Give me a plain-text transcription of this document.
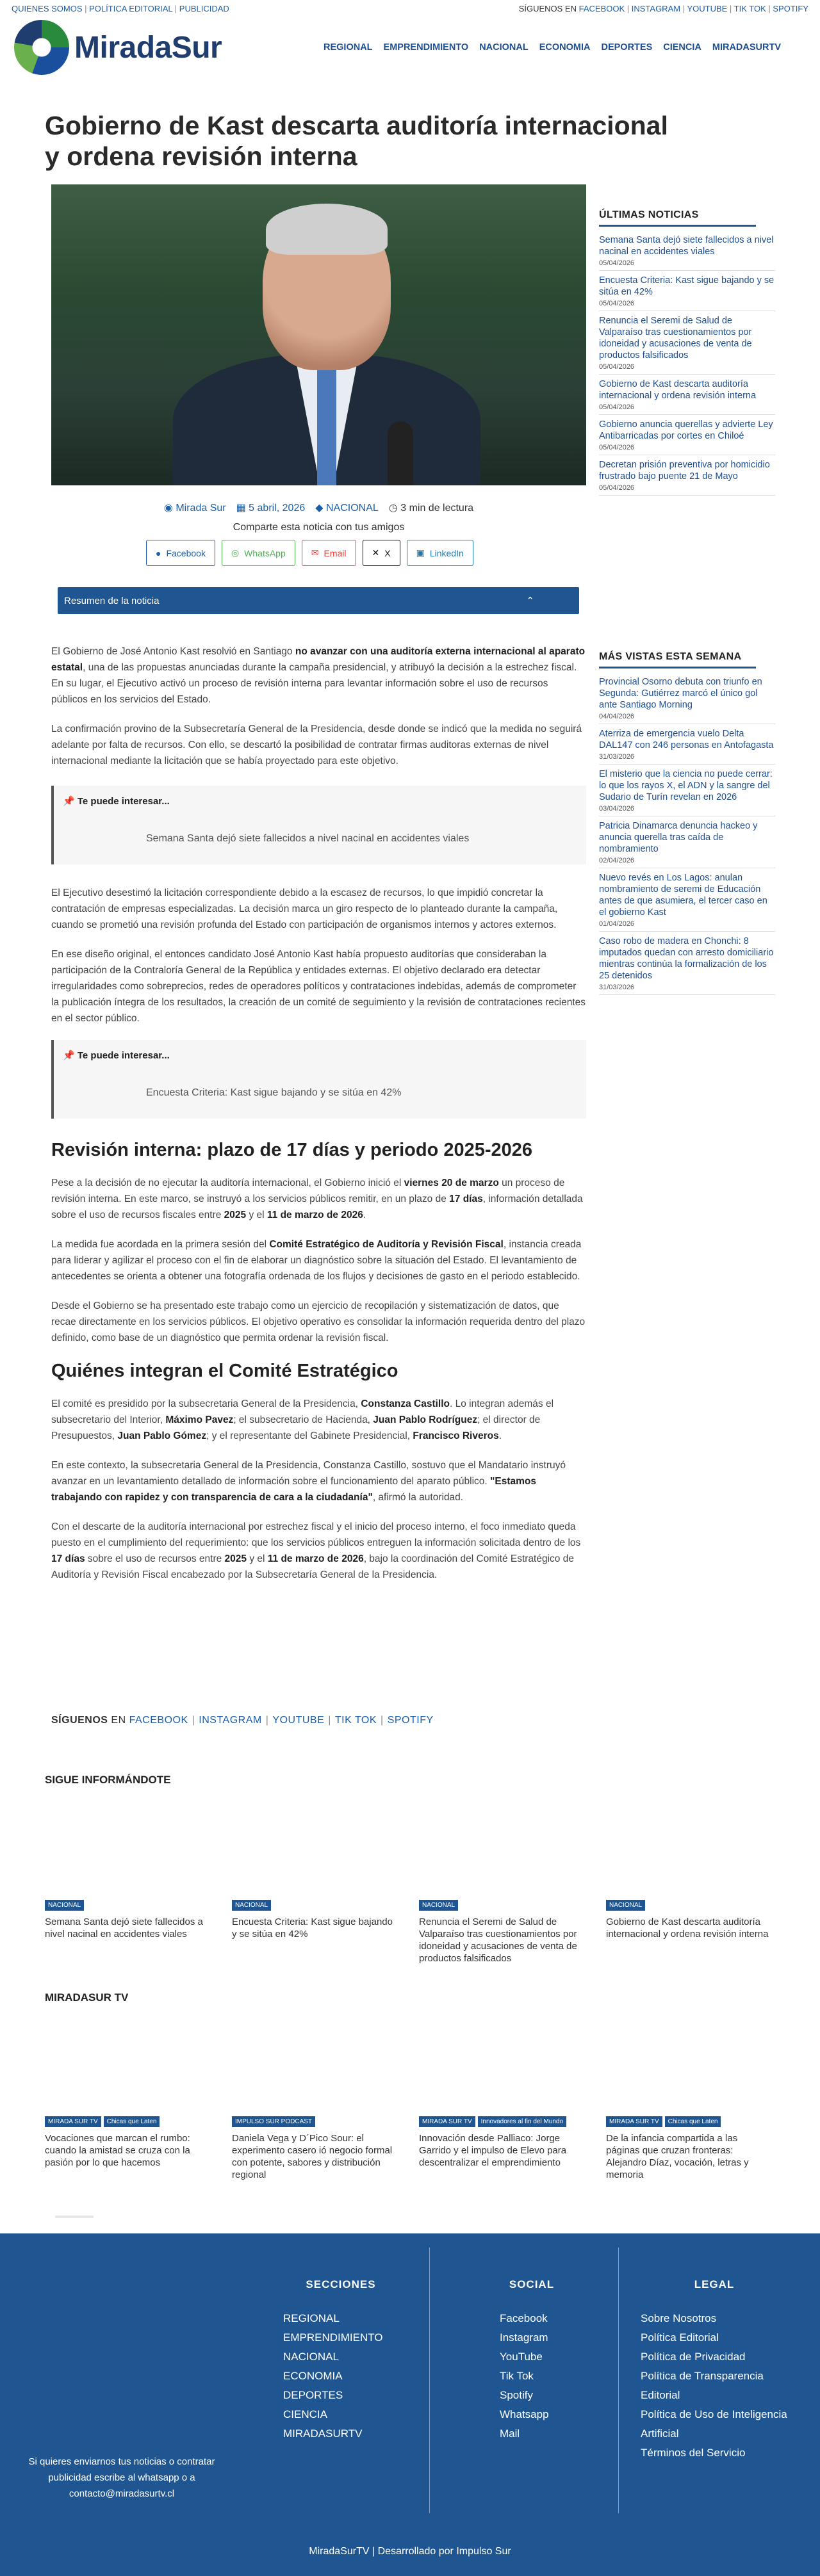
QUIENES SOMOS | POLÍTICA EDITORIAL | PUBLICIDAD	SÍGUENOS EN FACEBOOK | INSTAGRAM | YOUTUBE | TIK TOK | SPOTIFY
MiradaSur	REGIONAL EMPRENDIMIENTO NACIONAL ECONOMIA DEPORTES CIENCIA MIRADASURTV
Gobierno de Kast descarta auditoría internacional y ordena revisión interna
◉ Mirada Sur ▦ 5 abril, 2026 ◆ NACIONAL ◷ 3 min de lectura
Comparte esta noticia con tus amigos
● Facebook	◎ WhatsApp	✉ Email	✕ X	▣ LinkedIn
Resumen de la noticia	⌃

El Gobierno de José Antonio Kast resolvió en Santiago no avanzar con una auditoría externa internacional al aparato estatal, una de las propuestas anunciadas durante la campaña presidencial, y atribuyó la decisión a la estrechez fiscal. En su lugar, el Ejecutivo activó un proceso de revisión interna para levantar información sobre el uso de recursos públicos en los servicios del Estado.

La confirmación provino de la Subsecretaría General de la Presidencia, desde donde se indicó que la medida no seguirá adelante por falta de recursos. Con ello, se descartó la posibilidad de contratar firmas auditoras externas de nivel internacional mediante la licitación que se había proyectado para este objetivo.

📌 Te puede interesar...
Semana Santa dejó siete fallecidos a nivel nacinal en accidentes viales

El Ejecutivo desestimó la licitación correspondiente debido a la escasez de recursos, lo que impidió concretar la contratación de empresas especializadas. La decisión marca un giro respecto de lo planteado durante la campaña, cuando se prometió una revisión profunda del Estado con participación de organismos internos y actores externos.

En ese diseño original, el entonces candidato José Antonio Kast había propuesto auditorías que consideraban la participación de la Contraloría General de la República y entidades externas. El objetivo declarado era detectar irregularidades como sobreprecios, redes de operadores políticos y contrataciones indebidas, además de comprometer la publicación íntegra de los resultados, la creación de un comité de seguimiento y la revisión de contrataciones recientes en el sector público.

📌 Te puede interesar...
Encuesta Criteria: Kast sigue bajando y se sitúa en 42%
Revisión interna: plazo de 17 días y periodo 2025-2026

Pese a la decisión de no ejecutar la auditoría internacional, el Gobierno inició el viernes 20 de marzo un proceso de revisión interna. En este marco, se instruyó a los servicios públicos remitir, en un plazo de 17 días, información detallada sobre el uso de recursos fiscales entre 2025 y el 11 de marzo de 2026.

La medida fue acordada en la primera sesión del Comité Estratégico de Auditoría y Revisión Fiscal, instancia creada para liderar y agilizar el proceso con el fin de elaborar un diagnóstico sobre la situación del Estado. El levantamiento de antecedentes se orienta a obtener una fotografía ordenada de los flujos y decisiones de gasto en el periodo establecido.

Desde el Gobierno se ha presentado este trabajo como un ejercicio de recopilación y sistematización de datos, que recae directamente en los servicios públicos. El objetivo operativo es consolidar la información requerida dentro del plazo definido, como base de un diagnóstico que permita ordenar la revisión fiscal.

Quiénes integran el Comité Estratégico

El comité es presidido por la subsecretaria General de la Presidencia, Constanza Castillo. Lo integran además el subsecretario del Interior, Máximo Pavez; el subsecretario de Hacienda, Juan Pablo Rodríguez; el director de Presupuestos, Juan Pablo Gómez; y el representante del Gabinete Presidencial, Francisco Riveros.

En este contexto, la subsecretaria General de la Presidencia, Constanza Castillo, sostuvo que el Mandatario instruyó avanzar en un levantamiento detallado de información sobre el funcionamiento del aparato público. "Estamos trabajando con rapidez y con transparencia de cara a la ciudadanía", afirmó la autoridad.

Con el descarte de la auditoría internacional por estrechez fiscal y el inicio del proceso interno, el foco inmediato queda puesto en el cumplimiento del requerimiento: que los servicios públicos entreguen la información solicitada dentro de los 17 días sobre el uso de recursos entre 2025 y el 11 de marzo de 2026, bajo la coordinación del Comité Estratégico de Auditoría y Revisión Fiscal encabezado por la Subsecretaría General de la Presidencia.

SÍGUENOS EN FACEBOOK | INSTAGRAM | YOUTUBE | TIK TOK | SPOTIFY
ÚLTIMAS NOTICIAS
Semana Santa dejó siete fallecidos a nivel nacinal en accidentes viales
05/04/2026
Encuesta Criteria: Kast sigue bajando y se sitúa en 42%
05/04/2026
Renuncia el Seremi de Salud de Valparaíso tras cuestionamientos por idoneidad y acusaciones de venta de productos falsificados
05/04/2026
Gobierno de Kast descarta auditoría internacional y ordena revisión interna
05/04/2026
Gobierno anuncia querellas y advierte Ley Antibarricadas por cortes en Chiloé
05/04/2026
Decretan prisión preventiva por homicidio frustrado bajo puente 21 de Mayo
05/04/2026
MÁS VISTAS ESTA SEMANA
Provincial Osorno debuta con triunfo en Segunda: Gutiérrez marcó el único gol ante Santiago Morning
04/04/2026
Aterriza de emergencia vuelo Delta DAL147 con 246 personas en Antofagasta
31/03/2026
El misterio que la ciencia no puede cerrar: lo que los rayos X, el ADN y la sangre del Sudario de Turín revelan en 2026
03/04/2026
Patricia Dinamarca denuncia hackeo y anuncia querella tras caída de nombramiento
02/04/2026
Nuevo revés en Los Lagos: anulan nombramiento de seremi de Educación antes de que asumiera, el tercer caso en el gobierno Kast
01/04/2026
Caso robo de madera en Chonchi: 8 imputados quedan con arresto domiciliario mientras continúa la formalización de los 25 detenidos
31/03/2026
SIGUE INFORMÁNDOTE
NACIONAL
Semana Santa dejó siete fallecidos a nivel nacinal en accidentes viales
NACIONAL
Encuesta Criteria: Kast sigue bajando y se sitúa en 42%
NACIONAL
Renuncia el Seremi de Salud de Valparaíso tras cuestionamientos por idoneidad y acusaciones de venta de productos falsificados
NACIONAL
Gobierno de Kast descarta auditoría internacional y ordena revisión interna
MIRADASUR TV
MIRADA SUR TV	Chicas que Laten
Vocaciones que marcan el rumbo: cuando la amistad se cruza con la pasión por lo que hacemos
IMPULSO SUR PODCAST
Daniela Vega y D´Pico Sour: el experimento casero ió negocio formal con potente, sabores y distribución regional
MIRADA SUR TV	Innovadores al fin del Mundo
Innovación desde Palliaco: Jorge Garrido y el impulso de Elevo para descentralizar el emprendimiento
MIRADA SUR TV	Chicas que Laten
De la infancia compartida a las páginas que cruzan fronteras: Alejandro Díaz, vocación, letras y memoria
Si quieres enviarnos tus noticias o contratar publicidad escribe al whatsapp o a contacto@miradasurtv.cl
SECCIONES
REGIONAL
EMPRENDIMIENTO
NACIONAL
ECONOMIA
DEPORTES
CIENCIA
MIRADASURTV
SOCIAL
Facebook
Instagram
YouTube
Tik Tok
Spotify
Whatsapp
Mail
LEGAL
Sobre Nosotros
Política Editorial
Política de Privacidad
Política de Transparencia Editorial
Política de Uso de Inteligencia Artificial
Términos del Servicio
MiradaSurTV | Desarrollado por Impulso Sur
